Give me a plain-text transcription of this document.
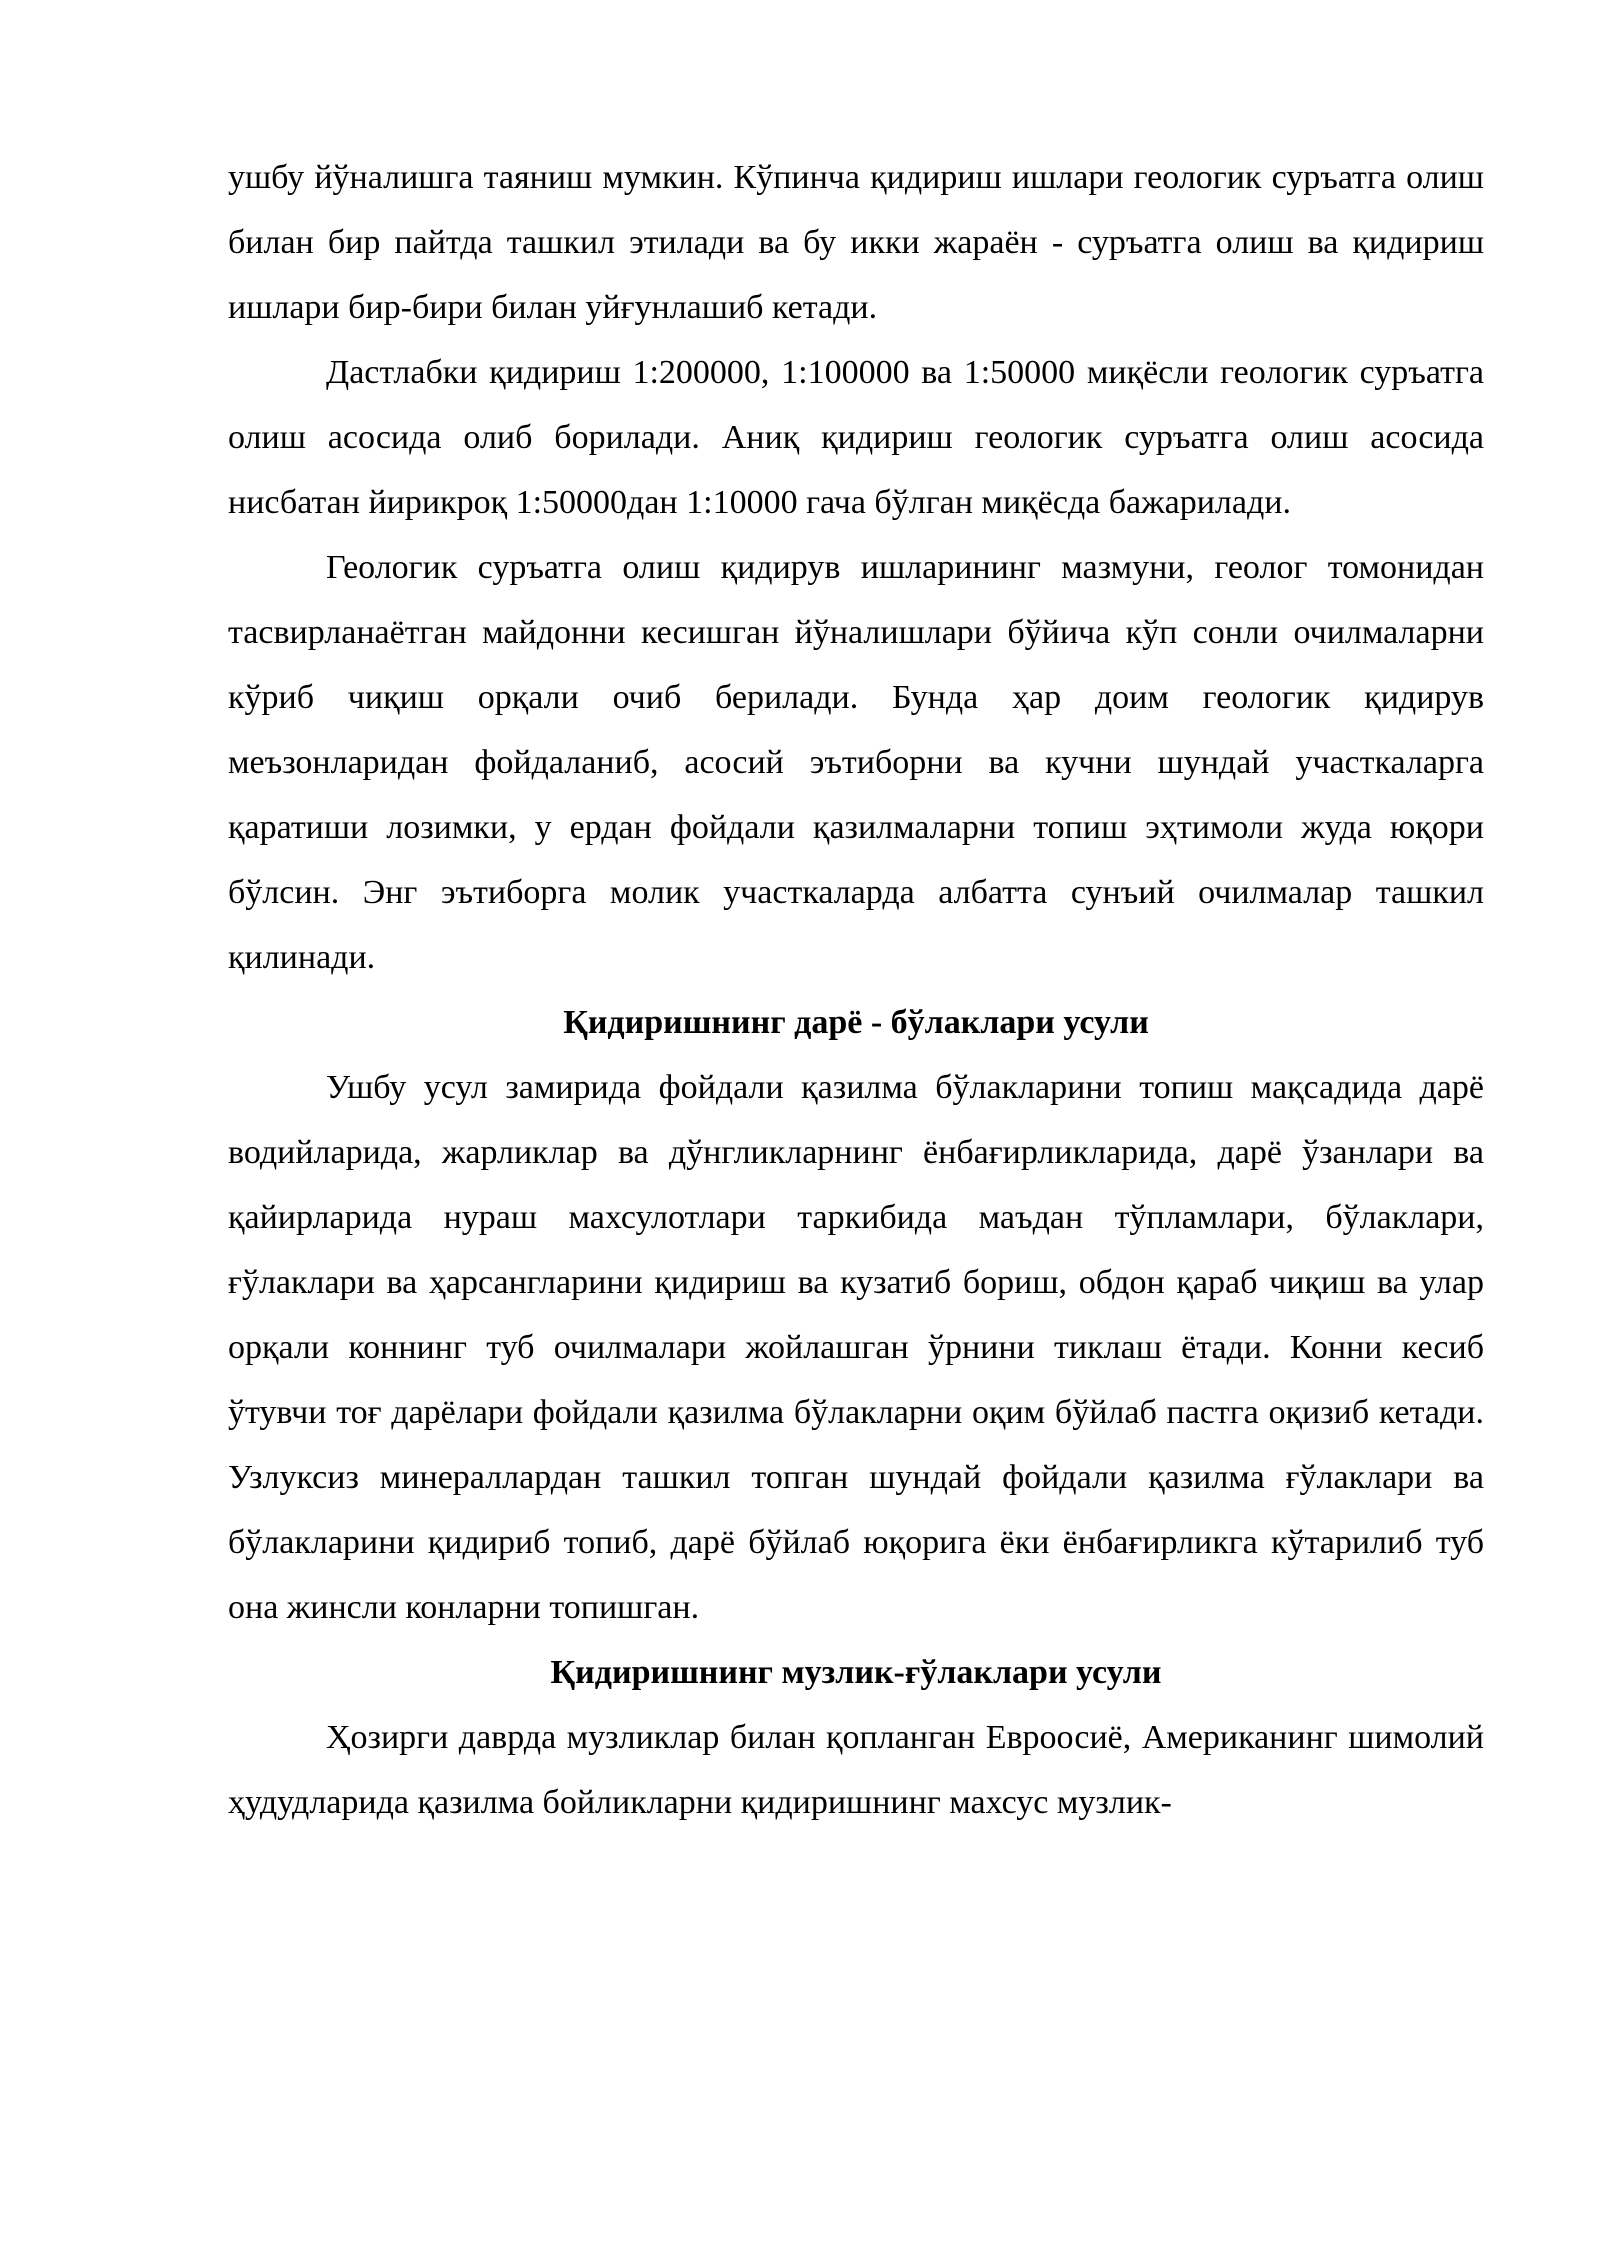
ушбу йўналишга таяниш мумкин. Кўпинча қидириш ишлари геологик суръатга олиш билан бир пайтда ташкил этилади ва бу икки жараён - суръатга олиш ва қидириш ишлари бир-бири билан уйғунлашиб кетади.

Дастлабки қидириш 1:200000, 1:100000 ва 1:50000 миқёсли геологик суръатга олиш асосида олиб борилади. Аниқ қидириш геологик суръатга олиш асосида нисбатан йирикроқ 1:50000дан 1:10000 гача бўлган миқёсда бажарилади.

Геологик суръатга олиш қидирув ишларининг мазмуни, геолог томонидан тасвирланаётган майдонни кесишган йўналишлари бўйича кўп сонли очилмаларни кўриб чиқиш орқали очиб берилади. Бунда ҳар доим геологик қидирув меъзонларидан фойдаланиб, асосий эътиборни ва кучни шундай участкаларга қаратиши лозимки, у ердан фойдали қазилмаларни топиш эҳтимоли жуда юқори бўлсин. Энг эътиборга молик участкаларда албатта сунъий очилмалар ташкил қилинади.

Қидиришнинг дарё - бўлаклари усули

Ушбу усул замирида фойдали қазилма бўлакларини топиш мақсадида дарё водийларида, жарликлар ва дўнгликларнинг ёнбағирликларида, дарё ўзанлари ва қайирларида нураш махсулотлари таркибида маъдан тўпламлари, бўлаклари, ғўлаклари ва ҳарсангларини қидириш ва кузатиб бориш, обдон қараб чиқиш ва улар орқали коннинг туб очилмалари жойлашган ўрнини тиклаш ётади. Конни кесиб ўтувчи тоғ дарёлари фойдали қазилма бўлакларни оқим бўйлаб пастга оқизиб кетади. Узлуксиз минераллардан ташкил топган шундай фойдали қазилма ғўлаклари ва бўлакларини қидириб топиб, дарё бўйлаб юқорига ёки ёнбағирликга кўтарилиб туб она жинсли конларни топишган.

Қидиришнинг музлик-ғўлаклари усули

Ҳозирги даврда музликлар билан қопланган Евроосиё, Американинг шимолий ҳудудларида қазилма бойликларни қидиришнинг махсус музлик-
